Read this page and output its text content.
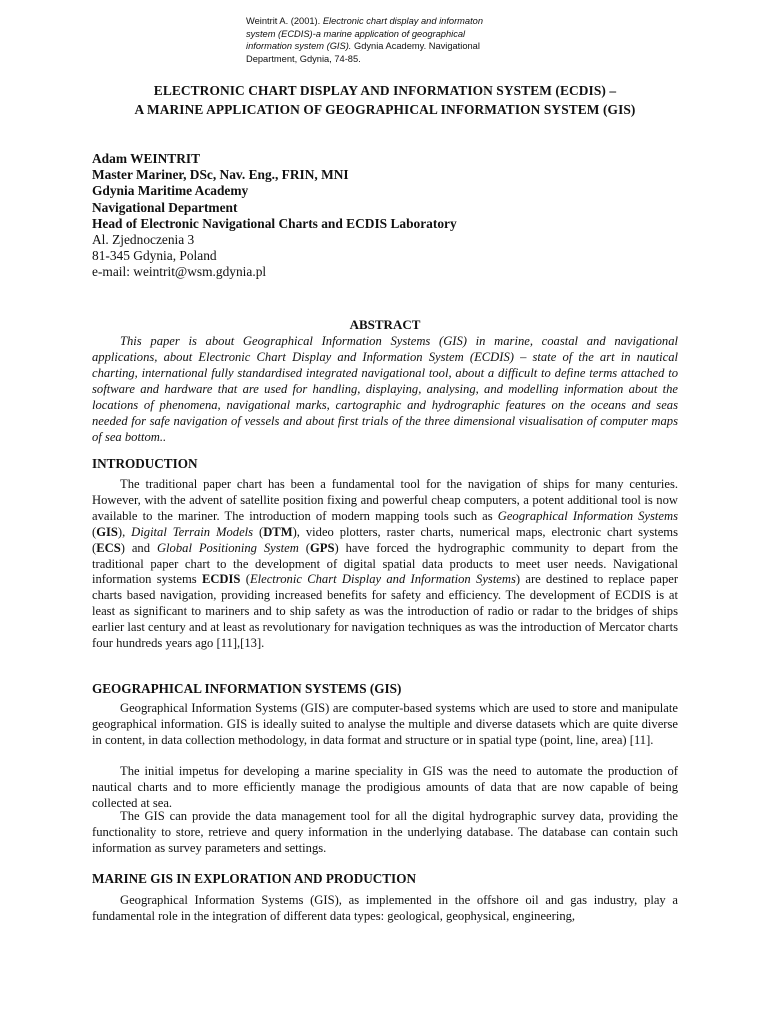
Weintrit A. (2001). Electronic chart display and informaton system (ECDIS)-a marine application of geographical information system (GIS). Gdynia Academy. Navigational Department, Gdynia, 74-85.
ELECTRONIC CHART DISPLAY AND INFORMATION SYSTEM (ECDIS) –
A MARINE APPLICATION OF GEOGRAPHICAL INFORMATION SYSTEM (GIS)
Adam WEINTRIT
Master Mariner, DSc, Nav. Eng., FRIN, MNI
Gdynia Maritime Academy
Navigational Department
Head of Electronic Navigational Charts and ECDIS Laboratory
Al. Zjednoczenia 3
81-345 Gdynia, Poland
e-mail: weintrit@wsm.gdynia.pl
ABSTRACT
This paper is about Geographical Information Systems (GIS) in marine, coastal and navigational applications, about Electronic Chart Display and Information System (ECDIS) – state of the art in nautical charting, international fully standardised integrated navigational tool, about a difficult to define terms attached to software and hardware that are used for handling, displaying, analysing, and modelling information about the locations of phenomena, navigational marks, cartographic and hydrographic features on the oceans and seas needed for safe navigation of vessels and about first trials of the three dimensional visualisation of computer maps of sea bottom..
INTRODUCTION
The traditional paper chart has been a fundamental tool for the navigation of ships for many centuries. However, with the advent of satellite position fixing and powerful cheap computers, a potent additional tool is now available to the mariner. The introduction of modern mapping tools such as Geographical Information Systems (GIS), Digital Terrain Models (DTM), video plotters, raster charts, numerical maps, electronic chart systems (ECS) and Global Positioning System (GPS) have forced the hydrographic community to depart from the traditional paper chart to the development of digital spatial data products to meet user needs. Navigational information systems ECDIS (Electronic Chart Display and Information Systems) are destined to replace paper charts based navigation, providing increased benefits for safety and efficiency. The development of ECDIS is at least as significant to mariners and to ship safety as was the introduction of radio or radar to the bridges of ships earlier last century and at least as revolutionary for navigation techniques as was the introduction of Mercator charts four hundreds years ago [11],[13].
GEOGRAPHICAL INFORMATION SYSTEMS (GIS)
Geographical Information Systems (GIS) are computer-based systems which are used to store and manipulate geographical information. GIS is ideally suited to analyse the multiple and diverse datasets which are quite diverse in content, in data collection methodology, in data format and structure or in spatial type (point, line, area) [11].
The initial impetus for developing a marine speciality in GIS was the need to automate the production of nautical charts and to more efficiently manage the prodigious amounts of data that are now capable of being collected at sea.
The GIS can provide the data management tool for all the digital hydrographic survey data, providing the functionality to store, retrieve and query information in the underlying database. The database can contain such information as survey parameters and settings.
MARINE GIS IN EXPLORATION AND PRODUCTION
Geographical Information Systems (GIS), as implemented in the offshore oil and gas industry, play a fundamental role in the integration of different data types: geological, geophysical, engineering,
